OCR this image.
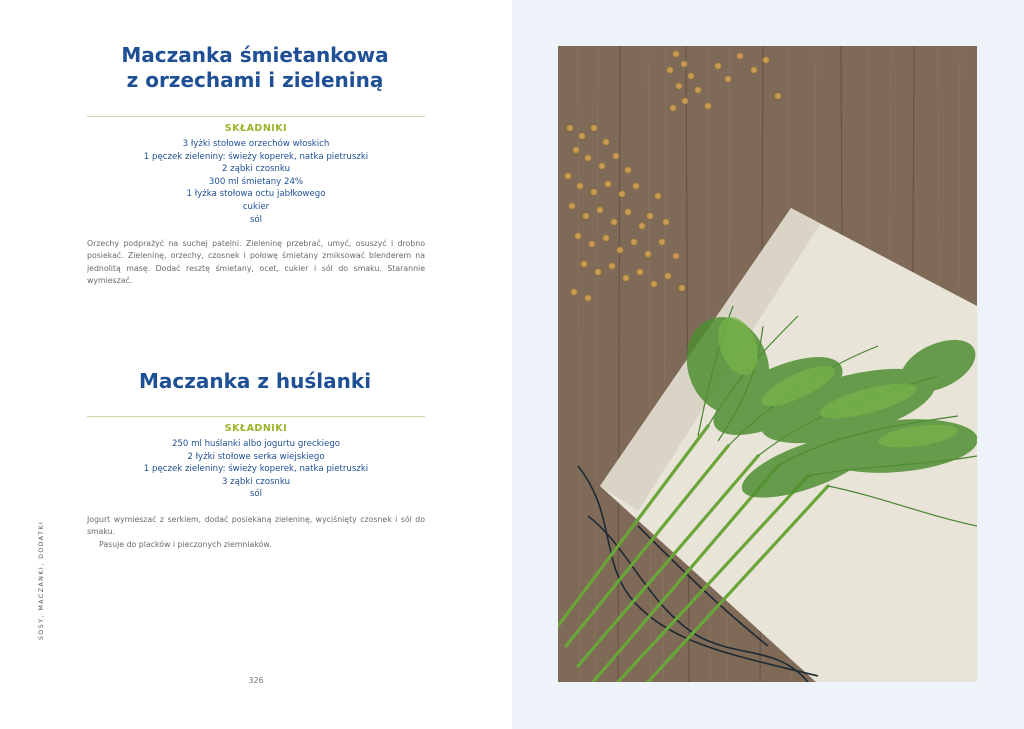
Maczanka śmietankowa
z orzechami i zieleniną
SKŁADNIKI
3 łyżki stołowe orzechów włoskich
1 pęczek zieleniny: świeży koperek, natka pietruszki
2 ząbki czosnku
300 ml śmietany 24%
1 łyżka stołowa octu jabłkowego
cukier
sól

Orzechy podprażyć na suchej patelni. Zieleninę przebrać, umyć, osuszyć i drobno posiekać. Zieleninę, orzechy, czosnek i połowę śmietany zmiksować blenderem na jednolitą masę. Dodać resztę śmietany, ocet, cukier i sól do smaku. Starannie wymieszać.

Maczanka z huślanki
SKŁADNIKI
250 ml huślanki albo jogurtu greckiego
2 łyżki stołowe serka wiejskiego
1 pęczek zieleniny: świeży koperek, natka pietruszki
3 ząbki czosnku
sól

Jogurt wymieszać z serkiem, dodać posiekaną zieleninę, wyciśnięty czosnek i sól do smaku.

Pasuje do placków i pieczonych ziemniaków.

SOSY, MACZANKI, DODATKI
326
